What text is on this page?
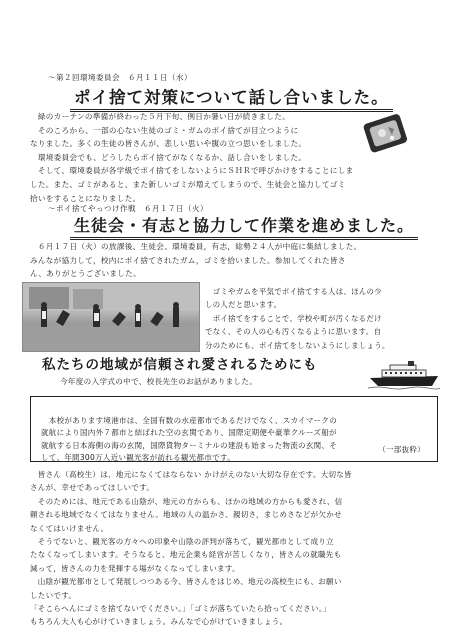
～第２回環境委員会　６月１１日（水）
ポイ捨て対策について話し合いました。
　緑のカーテンの準備が終わった５月下旬、例日か暑い日が続きました。
　そのころから、一部の心ない生徒のゴミ・ガムのポイ捨てが目立つように
なりました。多くの生徒の皆さんが、悲しい思いや腹の立つ思いをしました。
　環境委員会でも、どうしたらポイ捨てがなくなるか、話し合いをしました。
　そして、環境委員が各学級でポイ捨てをしないようにＳＨＲで呼びかけをすることにしま
した。また、ゴミがあると、また新しいゴミが増えてしまうので、生徒会と協力してゴミ
拾いをすることになりました。
～ポイ捨てやっつけ作戦　６月１７日（火）
生徒会・有志と協力して作業を進めました。
　６月１７日（火）の放課後、生徒会、環境委員，有志，総勢２４人が中庭に集結しました。
みんなが協力して，校内にポイ捨てされたガム，ゴミを拾いました。参加してくれた皆さ
ん、ありがとうございました。
　ゴミやガムを平気でポイ捨てする人は、ほんの少
しの人だと思います。
　ポイ捨てをすることで、学校や町が汚くなるだけ
でなく、その人の心も汚くなるように思います。自
分のためにも、ポイ捨てをしないようにしましょう。
私たちの地域が信頼され愛されるためにも
今年度の入学式の中で、校長先生のお話がありました。

　本校があります境港市は、全国有数の水産都市であるだけでなく、スカイマークの
就航により国内外７都市と結ばれた空の玄関であり、国際定期便や豪華クルーズ船が
就航する日本海側の海の玄関，国際貨物ターミナルの建設も始まった物流の玄関、そ
して、年間300万人近い観光客が訪れる観光都市です。

（一部抜粋）

　皆さん（高校生）は、地元になくてはならない かけがえのない大切な存在です。大切な皆
さんが、幸せであってほしいです。
　そのためには、地元である山陰が、地元の方からも、ほかの地域の方からも愛され、信
頼される地域でなくてはなりません。地域の人の温かさ、親切さ，まじめさなどが欠かせ
なくてはいけません。
　そうでないと、観光客の方々への印象や山陰の評判が落ちて，観光都市として成り立
たなくなってしまいます。そうなると、地元企業も経営が苦しくなり，皆さんの就職先も
減って，皆さんの力を発揮する場がなくなってしまいます。
　山陰が観光都市として発展しつつある今、皆さんをはじめ、地元の高校生にも、お願い
したいです。
「そこらへんにゴミを捨てないでください。」「ゴミが落ちていたら拾ってください。」
もちろん大人も心がけていきましょう。みんなで心がけていきましょう。
